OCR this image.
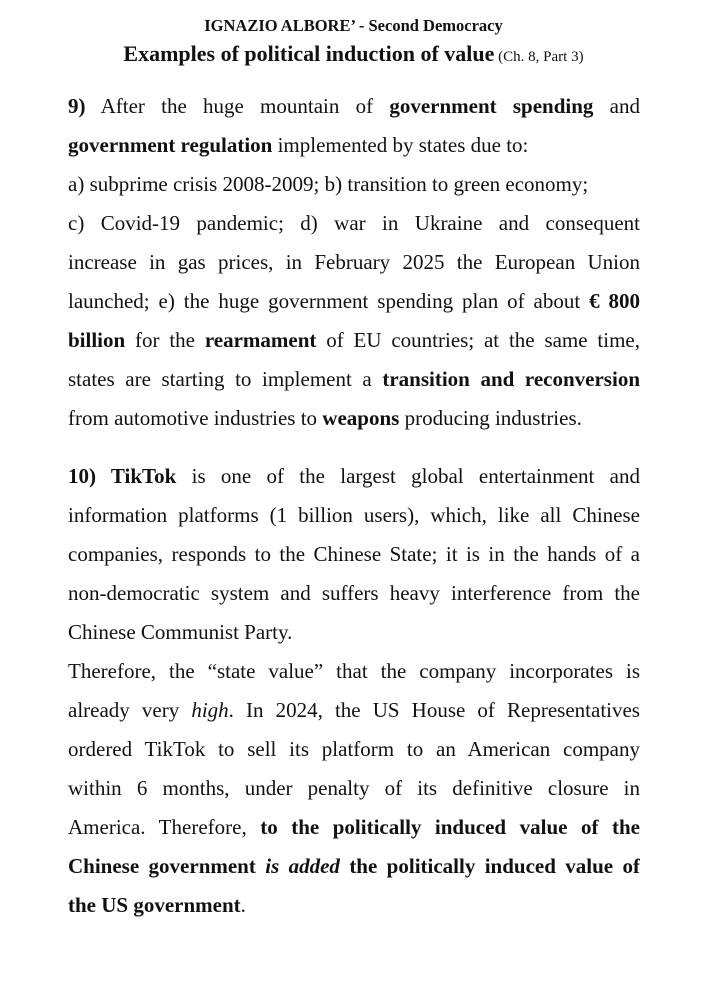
IGNAZIO ALBORE’ - Second Democracy
Examples of political induction of value (Ch. 8, Part 3)
9) After the huge mountain of government spending and
government regulation implemented by states due to:
a) subprime crisis 2008-2009; b) transition to green economy;
c) Covid-19 pandemic; d) war in Ukraine and consequent
increase in gas prices, in February 2025 the European Union
launched; e) the huge government spending plan of about € 800
billion for the rearmament of EU countries; at the same time,
states are starting to implement a transition and reconversion
from automotive industries to weapons producing industries.
10) TikTok is one of the largest global entertainment and
information platforms (1 billion users), which, like all Chinese
companies, responds to the Chinese State; it is in the hands of a
non-democratic system and suffers heavy interference from the
Chinese Communist Party.
Therefore, the “state value” that the company incorporates is
already very high. In 2024, the US House of Representatives
ordered TikTok to sell its platform to an American company
within 6 months, under penalty of its definitive closure in
America. Therefore, to the politically induced value of the
Chinese government is added the politically induced value of
the US government.
